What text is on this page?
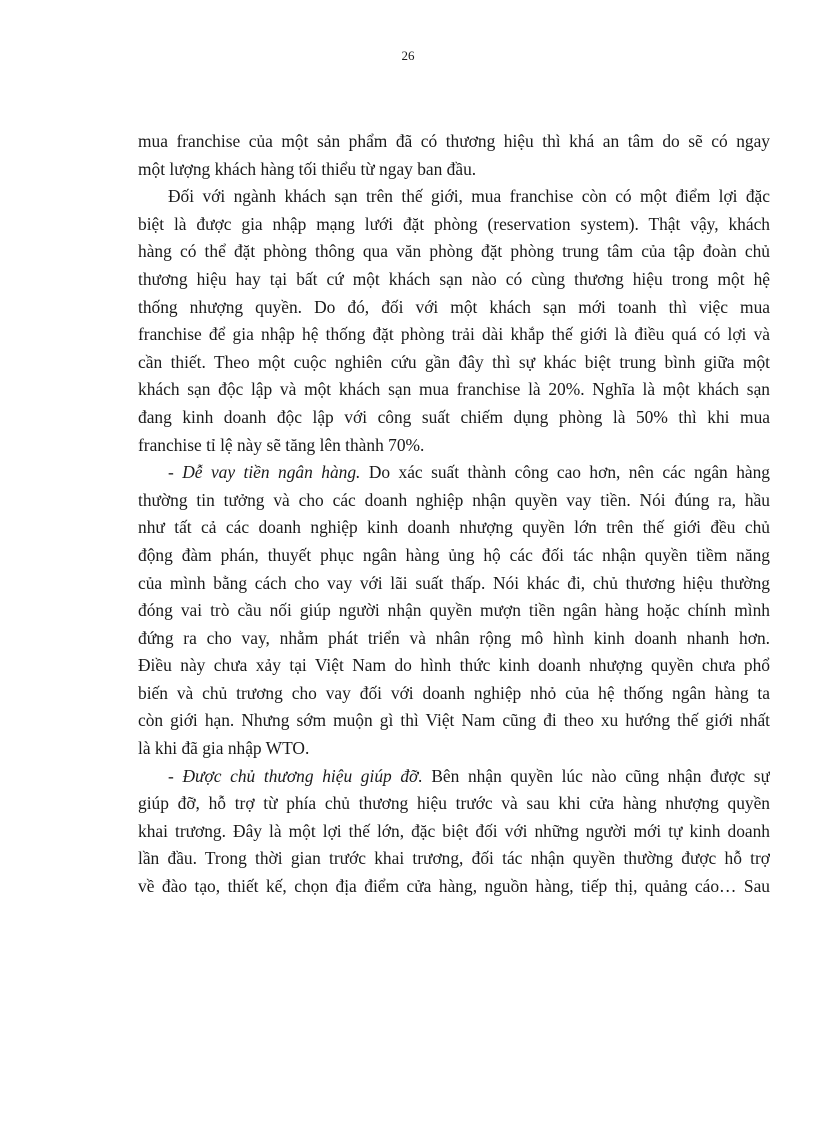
26
mua franchise của một sản phẩm đã có thương hiệu thì khá an tâm do sẽ có ngay
một lượng khách hàng tối thiểu từ ngay ban đầu.
Đối với ngành khách sạn trên thế giới, mua franchise còn có một điểm lợi đặc
biệt là được gia nhập mạng lưới đặt phòng (reservation system). Thật vậy, khách
hàng có thể đặt phòng thông qua văn phòng đặt phòng trung tâm của tập đoàn chủ
thương hiệu hay tại bất cứ một khách sạn nào có cùng thương hiệu trong một hệ
thống nhượng quyền. Do đó, đối với một khách sạn mới toanh thì việc mua
franchise để gia nhập hệ thống đặt phòng trải dài khắp thế giới là điều quá có lợi và
cần thiết. Theo một cuộc nghiên cứu gần đây thì sự khác biệt trung bình giữa một
khách sạn độc lập và một khách sạn mua franchise là 20%. Nghĩa là một khách sạn
đang kinh doanh độc lập với công suất chiếm dụng phòng là 50% thì khi mua
franchise tỉ lệ này sẽ tăng lên thành 70%.
- Dễ vay tiền ngân hàng. Do xác suất thành công cao hơn, nên các ngân hàng
thường tin tưởng và cho các doanh nghiệp nhận quyền vay tiền. Nói đúng ra, hầu
như tất cả các doanh nghiệp kinh doanh nhượng quyền lớn trên thế giới đều chủ
động đàm phán, thuyết phục ngân hàng ủng hộ các đối tác nhận quyền tiềm năng
của mình bằng cách cho vay với lãi suất thấp. Nói khác đi, chủ thương hiệu thường
đóng vai trò cầu nối giúp người nhận quyền mượn tiền ngân hàng hoặc chính mình
đứng ra cho vay, nhằm phát triển và nhân rộng mô hình kinh doanh nhanh hơn.
Điều này chưa xảy tại Việt Nam do hình thức kinh doanh nhượng quyền chưa phổ
biến và chủ trương cho vay đối với doanh nghiệp nhỏ của hệ thống ngân hàng ta
còn giới hạn. Nhưng sớm muộn gì thì Việt Nam cũng đi theo xu hướng thế giới nhất
là khi đã gia nhập WTO.
- Được chủ thương hiệu giúp đỡ. Bên nhận quyền lúc nào cũng nhận được sự
giúp đỡ, hỗ trợ từ phía chủ thương hiệu trước và sau khi cửa hàng nhượng quyền
khai trương. Đây là một lợi thế lớn, đặc biệt đối với những người mới tự kinh doanh
lần đầu. Trong thời gian trước khai trương, đối tác nhận quyền thường được hỗ trợ
về đào tạo, thiết kế, chọn địa điểm cửa hàng, nguồn hàng, tiếp thị, quảng cáo… Sau
